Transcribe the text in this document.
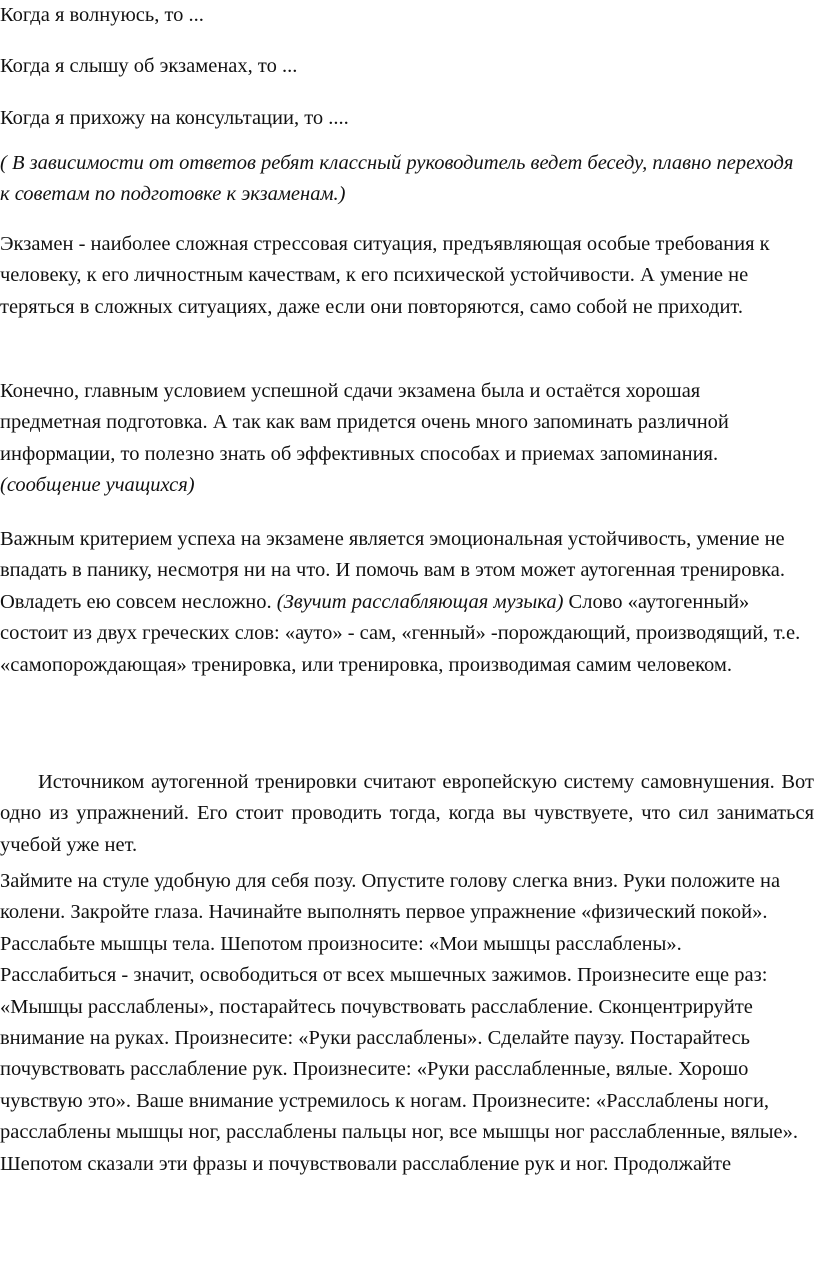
Когда я волнуюсь, то ...

Когда я слышу об экзаменах, то ...

Когда я прихожу на консультации, то ....

( В зависимости от ответов ребят классный руководитель ведет беседу, плавно переходя к советам по подготовке к экзаменам.)

Экзамен - наиболее сложная стрессовая ситуация, предъявляющая особые требования к человеку, к его личностным качествам, к его психической устойчивости. А умение не теряться в сложных ситуациях, даже если они повторяются, само собой не приходит.

Конечно, главным условием успешной сдачи экзамена была и остаётся хорошая предметная подготовка. А так как вам придется очень много запоминать различной информации, то полезно знать об эффективных способах и приемах запоминания. (сообщение учащихся)

Важным критерием успеха на экзамене является эмоциональная устойчивость, умение не впадать в панику, несмотря ни на что. И помочь вам в этом может аутогенная тренировка. Овладеть ею совсем несложно. (Звучит расслабляющая музыка) Слово «аутогенный» состоит из двух греческих слов: «ауто» - сам, «генный» -порождающий, производящий, т.е. «самопорождающая» тренировка, или тренировка, производимая самим человеком.

Источником аутогенной тренировки считают европейскую систему самовнушения. Вот одно из упражнений. Его стоит проводить тогда, когда вы чувствуете, что сил заниматься учебой уже нет.

Займите на стуле удобную для себя позу. Опустите голову слегка вниз. Руки положите на колени. Закройте глаза. Начинайте выполнять первое упражнение «физический покой». Расслабьте мышцы тела. Шепотом произносите: «Мои мышцы расслаблены». Расслабиться - значит, освободиться от всех мышечных зажимов. Произнесите еще раз: «Мышцы расслаблены», постарайтесь почувствовать расслабление. Сконцентрируйте внимание на руках. Произнесите: «Руки расслаблены». Сделайте паузу. Постарайтесь почувствовать расслабление рук. Произнесите: «Руки расслабленные, вялые. Хорошо чувствую это». Ваше внимание устремилось к ногам. Произнесите: «Расслаблены ноги, расслаблены мышцы ног, расслаблены пальцы ног, все мышцы ног расслабленные, вялые». Шепотом сказали эти фразы и почувствовали расслабление рук и ног. Продолжайте
